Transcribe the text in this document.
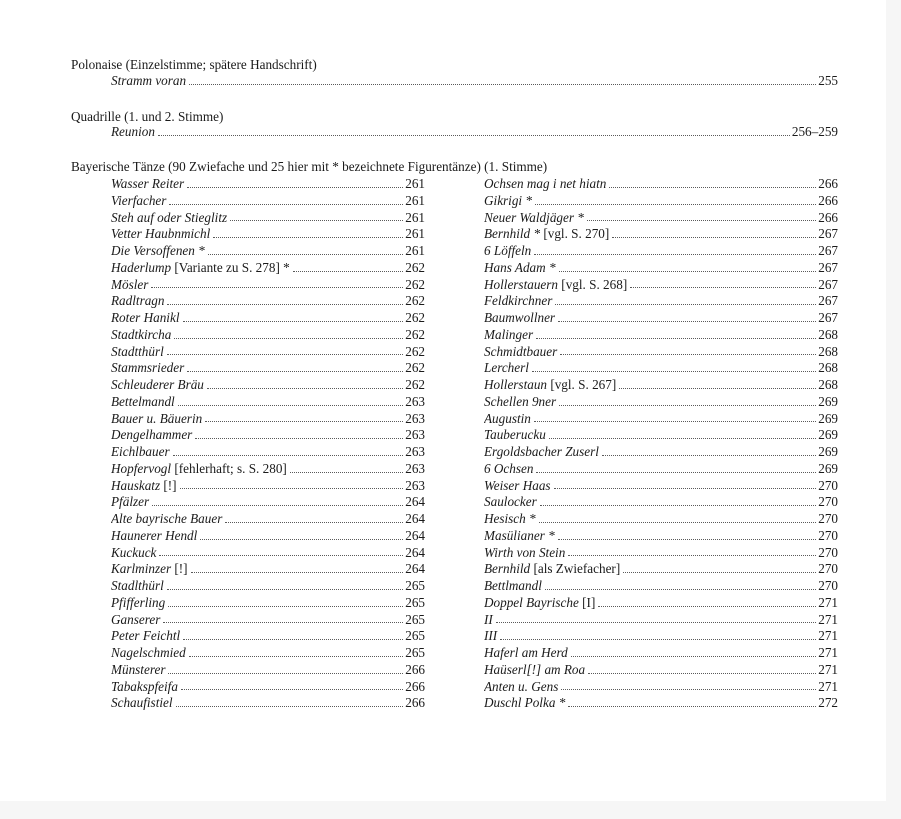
Polonaise (Einzelstimme; spätere Handschrift)
Stramm voran	255
Quadrille (1. und 2. Stimme)
Reunion	256–259
Bayerische Tänze (90 Zwiefache und 25 hier mit * bezeichnete Figurentänze) (1. Stimme)
Wasser Reiter	261
Vierfacher	261
Steh auf oder Stieglitz	261
Vetter Haubnmichl	261
Die Versoffenen *	261
Haderlump [Variante zu S. 278] *	262
Mösler	262
Radltragn	262
Roter Hanikl	262
Stadtkircha	262
Stadtthürl	262
Stammsrieder	262
Schleuderer Bräu	262
Bettelmandl	263
Bauer u. Bäuerin	263
Dengelhammer	263
Eichlbauer	263
Hopfervogl [fehlerhaft; s. S. 280]	263
Hauskatz [!]	263
Pfälzer	264
Alte bayrische Bauer	264
Haunerer Hendl	264
Kuckuck	264
Karlminzer [!]	264
Stadlthürl	265
Pfifferling	265
Ganserer	265
Peter Feichtl	265
Nagelschmied	265
Münsterer	266
Tabakspfeifa	266
Schaufistiel	266
Ochsen mag i net hiatn	266
Gikrigi *	266
Neuer Waldjäger *	266
Bernhild * [vgl. S. 270]	267
6 Löffeln	267
Hans Adam *	267
Hollerstauern [vgl. S. 268]	267
Feldkirchner	267
Baumwollner	267
Malinger	268
Schmidtbauer	268
Lercherl	268
Hollerstaun [vgl. S. 267]	268
Schellen 9ner	269
Augustin	269
Tauberucku	269
Ergoldsbacher Zuserl	269
6 Ochsen	269
Weiser Haas	270
Saulocker	270
Hesisch *	270
Masülianer *	270
Wirth von Stein	270
Bernhild [als Zwiefacher]	270
Bettlmandl	270
Doppel Bayrische [I]	271
II	271
III	271
Haferl am Herd	271
Haüserl[!] am Roa	271
Anten u. Gens	271
Duschl Polka *	272
